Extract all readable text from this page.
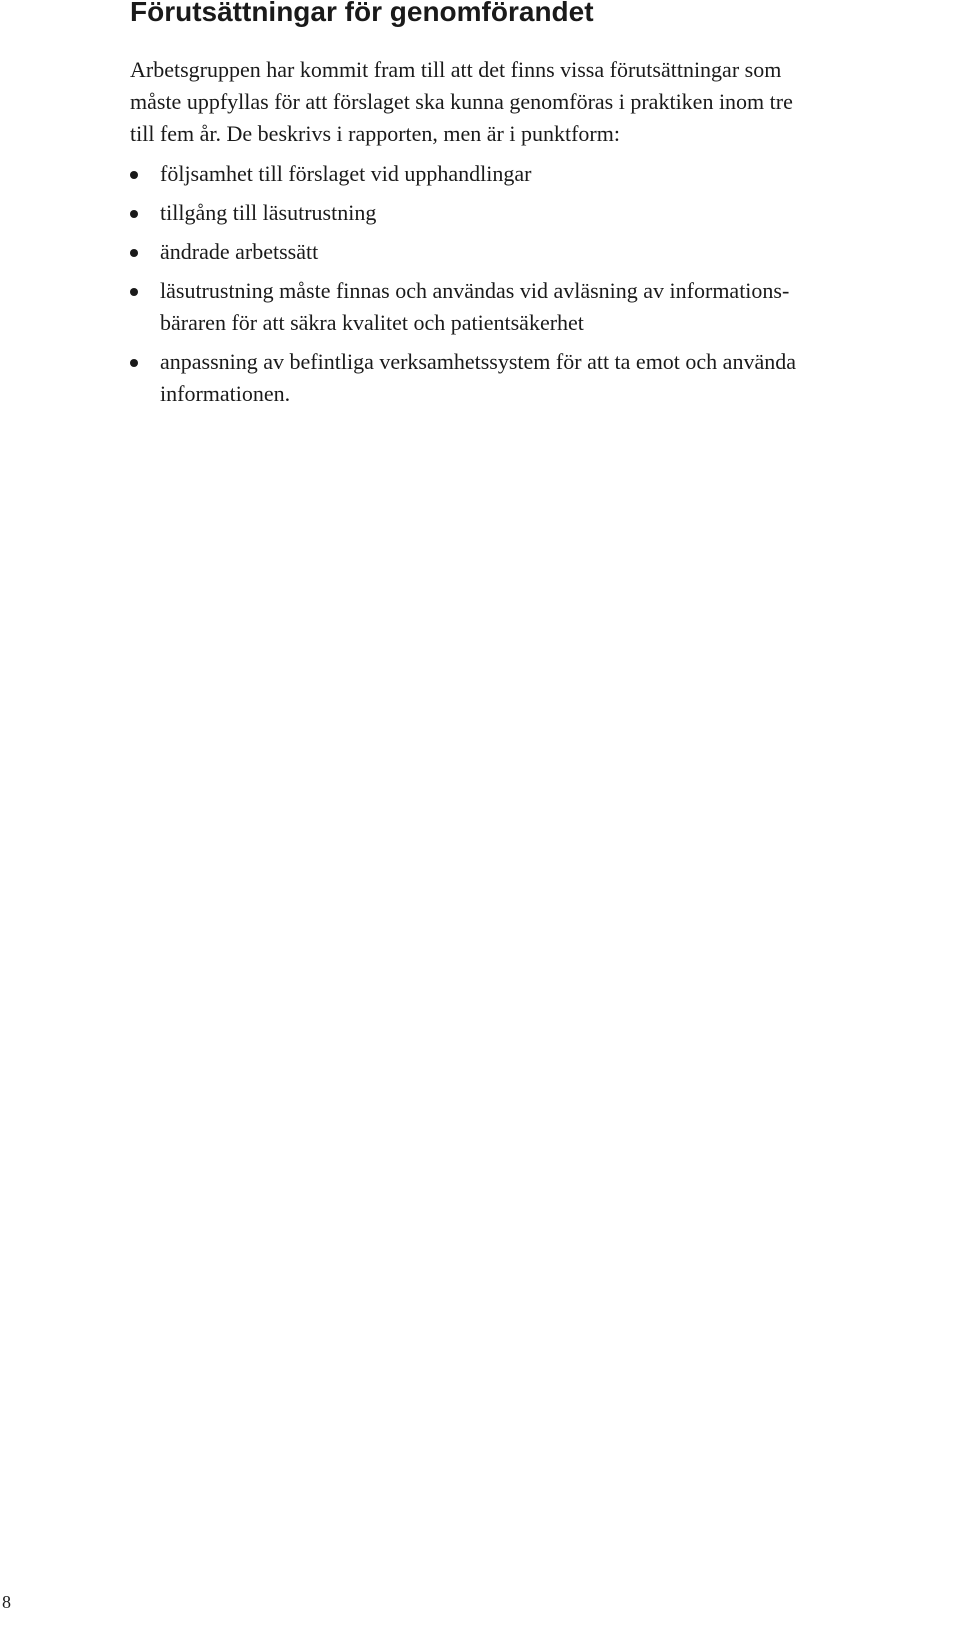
Förutsättningar för genomförandet

Arbetsgruppen har kommit fram till att det finns vissa förutsättningar som
måste uppfyllas för att förslaget ska kunna genomföras i praktiken inom tre
till fem år. De beskrivs i rapporten, men är i punktform:

följsamhet till förslaget vid upphandlingar
tillgång till läsutrustning
ändrade arbetssätt
läsutrustning måste finnas och användas vid avläsning av informations-
bäraren för att säkra kvalitet och patientsäkerhet
anpassning av befintliga verksamhetssystem för att ta emot och använda
informationen.

8
